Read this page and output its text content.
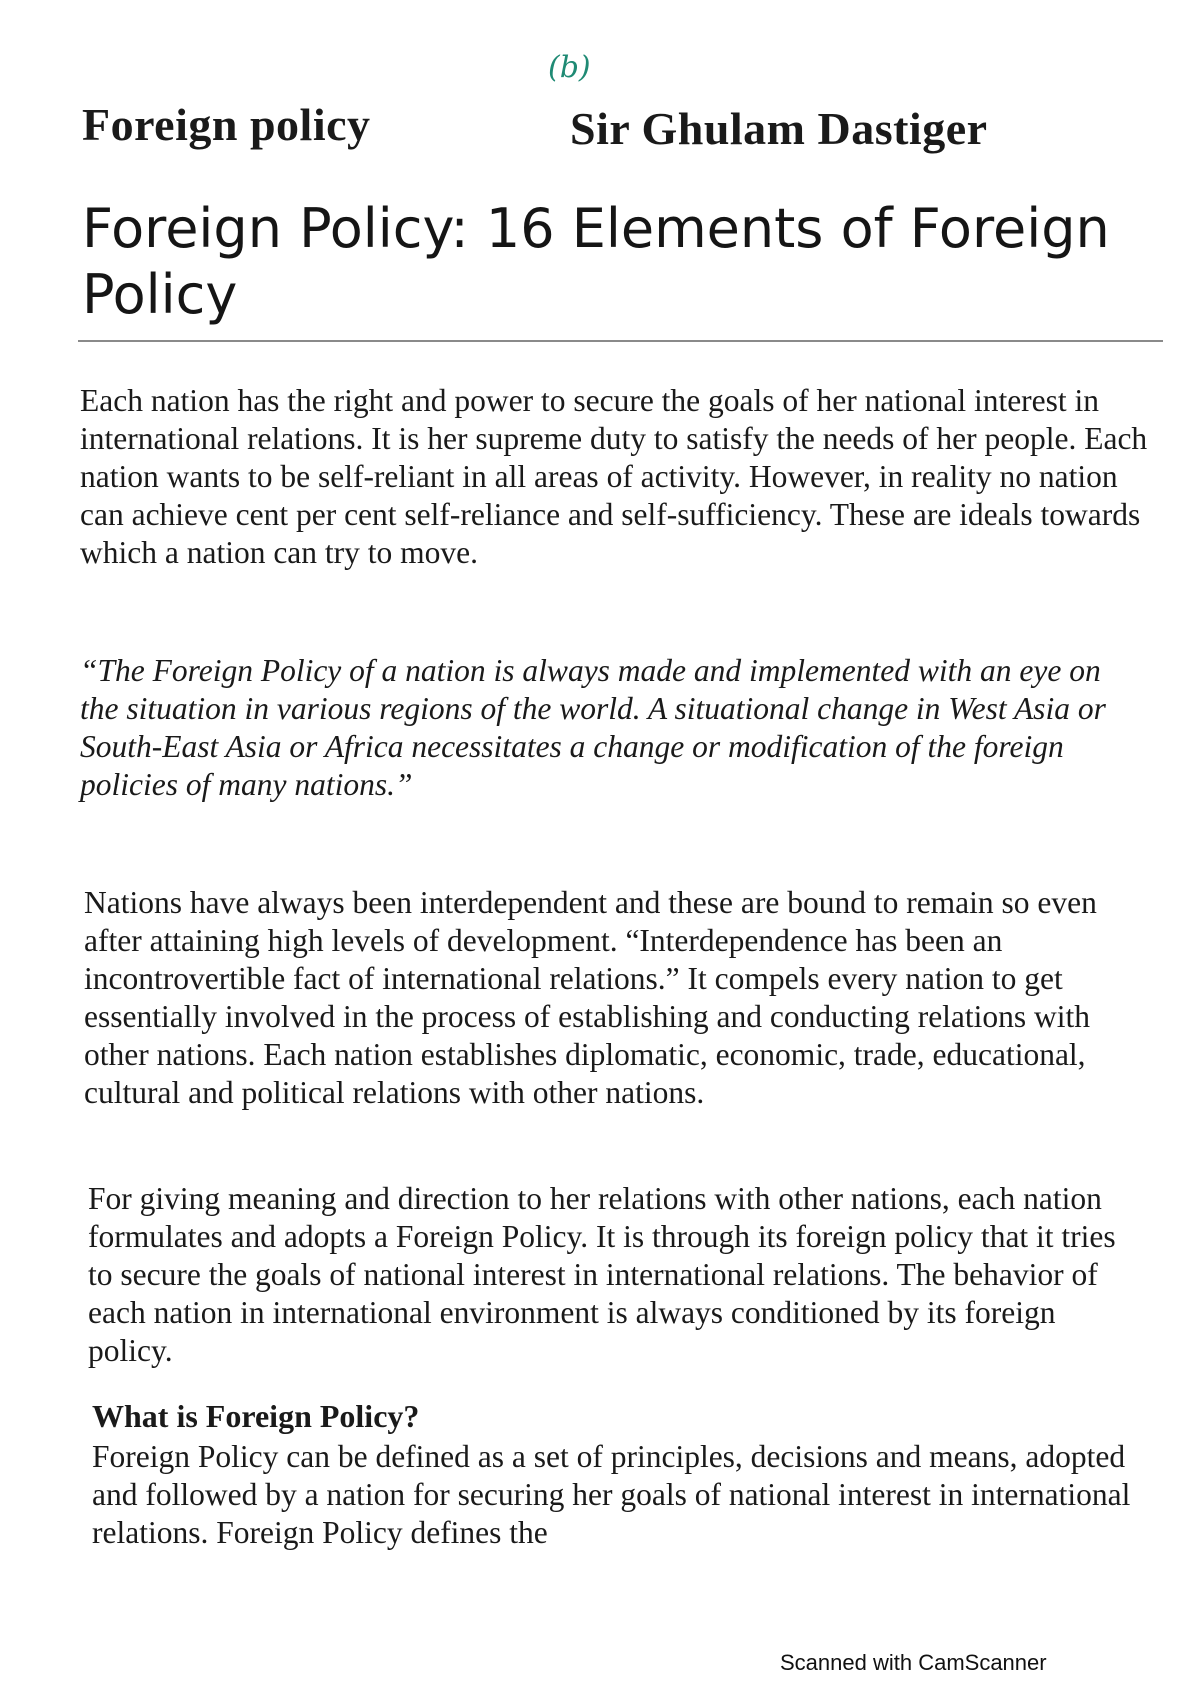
(b)
Foreign policy	Sir Ghulam Dastiger
Foreign Policy: 16 Elements of Foreign Policy
Each nation has the right and power to secure the goals of her national interest in international relations. It is her supreme duty to satisfy the needs of her people. Each nation wants to be self-reliant in all areas of activity. However, in reality no nation can achieve cent per cent self-reliance and self-sufficiency. These are ideals towards which a nation can try to move.
“The Foreign Policy of a nation is always made and implemented with an eye on the situation in various regions of the world. A situational change in West Asia or South-East Asia or Africa necessitates a change or modification of the foreign policies of many nations.”
Nations have always been interdependent and these are bound to remain so even after attaining high levels of development. “Interdependence has been an incontrovertible fact of international relations.” It compels every nation to get essentially involved in the process of establishing and conducting relations with other nations. Each nation establishes diplomatic, economic, trade, educational, cultural and political relations with other nations.
For giving meaning and direction to her relations with other nations, each nation formulates and adopts a Foreign Policy. It is through its foreign policy that it tries to secure the goals of national interest in international relations. The behavior of each nation in international environment is always conditioned by its foreign policy.
What is Foreign Policy?
Foreign Policy can be defined as a set of principles, decisions and means, adopted and followed by a nation for securing her goals of national interest in international relations. Foreign Policy defines the
Scanned with CamScanner
